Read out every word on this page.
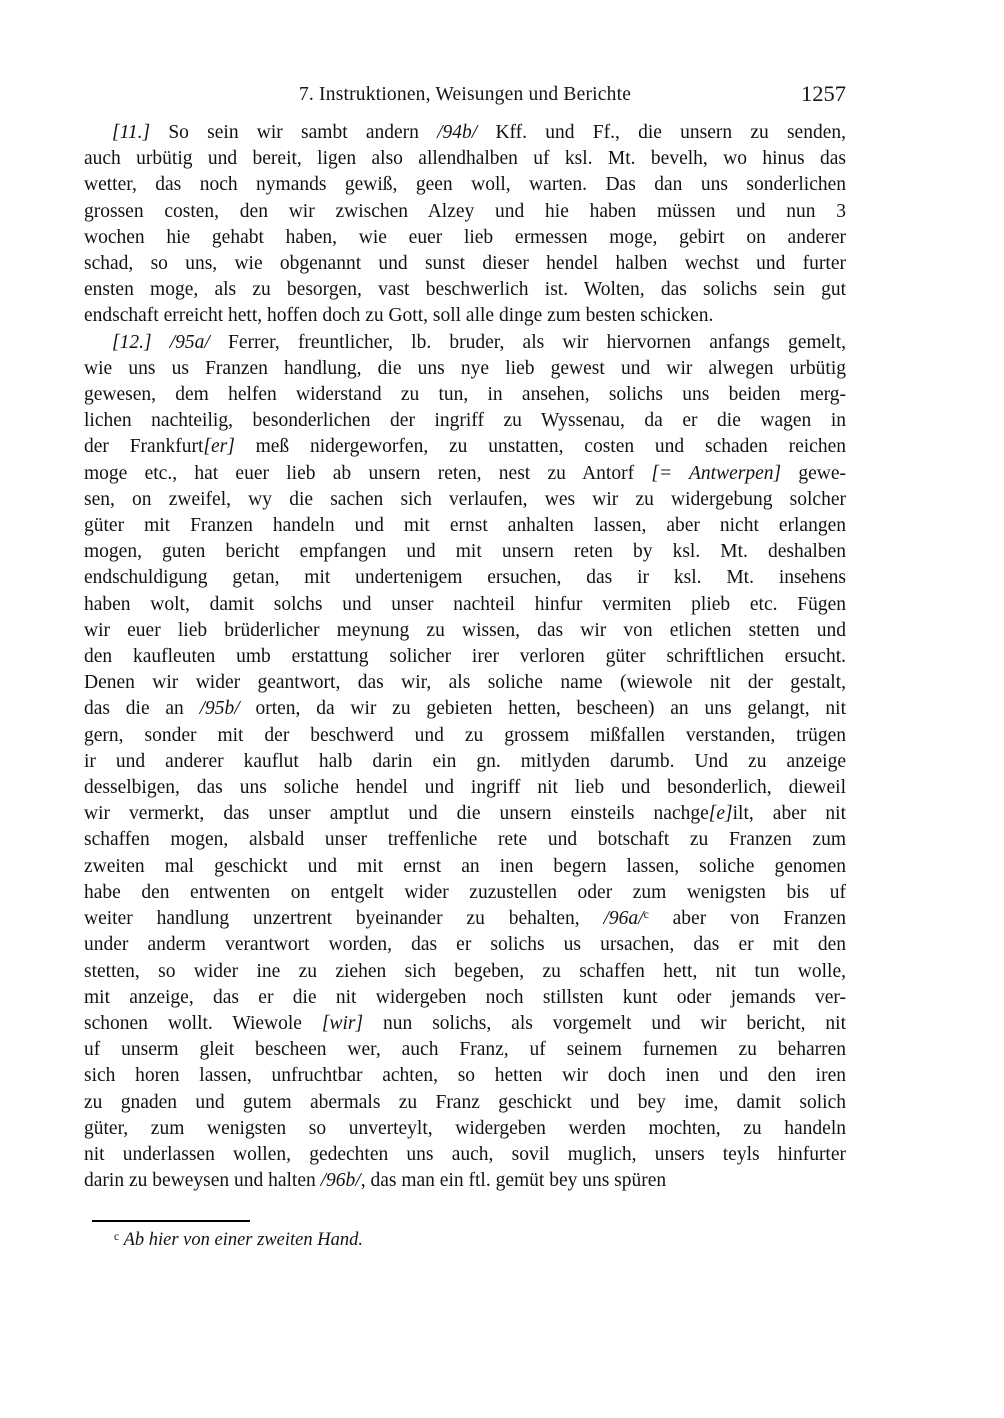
7. Instruktionen, Weisungen und Berichte	1257
[11.] So sein wir sambt andern /94b/ Kff. und Ff., die unsern zu senden,
auch urbütig und bereit, ligen also allendhalben uf ksl. Mt. bevelh, wo hinus das
wetter, das noch nymands gewiß, geen woll, warten. Das dan uns sonderlichen
grossen costen, den wir zwischen Alzey und hie haben müssen und nun 3
wochen hie gehabt haben, wie euer lieb ermessen moge, gebirt on anderer
schad, so uns, wie obgenannt und sunst dieser hendel halben wechst und furter
ensten moge, als zu besorgen, vast beschwerlich ist. Wolten, das solichs sein gut
endschaft erreicht hett, hoffen doch zu Gott, soll alle dinge zum besten schicken.
[12.] /95a/ Ferrer, freuntlicher, lb. bruder, als wir hiervornen anfangs gemelt,
wie uns us Franzen handlung, die uns nye lieb gewest und wir alwegen urbütig
gewesen, dem helfen widerstand zu tun, in ansehen, solichs uns beiden merg-
lichen nachteilig, besonderlichen der ingriff zu Wyssenau, da er die wagen in
der Frankfurt[er] meß nidergeworfen, zu unstatten, costen und schaden reichen
moge etc., hat euer lieb ab unsern reten, nest zu Antorf [= Antwerpen] gewe-
sen, on zweifel, wy die sachen sich verlaufen, wes wir zu widergebung solcher
güter mit Franzen handeln und mit ernst anhalten lassen, aber nicht erlangen
mogen, guten bericht empfangen und mit unsern reten by ksl. Mt. deshalben
endschuldigung getan, mit undertenigem ersuchen, das ir ksl. Mt. insehens
haben wolt, damit solchs und unser nachteil hinfur vermiten plieb etc. Fügen
wir euer lieb brüderlicher meynung zu wissen, das wir von etlichen stetten und
den kaufleuten umb erstattung solicher irer verloren güter schriftlichen ersucht.
Denen wir wider geantwort, das wir, als soliche name (wiewole nit der gestalt,
das die an /95b/ orten, da wir zu gebieten hetten, bescheen) an uns gelangt, nit
gern, sonder mit der beschwerd und zu grossem mißfallen verstanden, trügen
ir und anderer kauflut halb darin ein gn. mitlyden darumb. Und zu anzeige
desselbigen, das uns soliche hendel und ingriff nit lieb und besonderlich, dieweil
wir vermerkt, das unser amptlut und die unsern einsteils nachge[e]ilt, aber nit
schaffen mogen, alsbald unser treffenliche rete und botschaft zu Franzen zum
zweiten mal geschickt und mit ernst an inen begern lassen, soliche genomen
habe den entwenten on entgelt wider zuzustellen oder zum wenigsten bis uf
weiter handlung unzertrent byeinander zu behalten, /96a/$^c$ aber von Franzen
under anderm verantwort worden, das er solichs us ursachen, das er mit den
stetten, so wider ine zu ziehen sich begeben, zu schaffen hett, nit tun wolle,
mit anzeige, das er die nit widergeben noch stillsten kunt oder jemands ver-
schonen wollt. Wiewole [wir] nun solichs, als vorgemelt und wir bericht, nit
uf unserm gleit bescheen wer, auch Franz, uf seinem furnemen zu beharren
sich horen lassen, unfruchtbar achten, so hetten wir doch inen und den iren
zu gnaden und gutem abermals zu Franz geschickt und bey ime, damit solich
güter, zum wenigsten so unverteylt, widergeben werden mochten, zu handeln
nit underlassen wollen, gedechten uns auch, sovil muglich, unsers teyls hinfurter
darin zu beweysen und halten /96b/, das man ein ftl. gemüt bey uns spüren
$^c$ Ab hier von einer zweiten Hand.
